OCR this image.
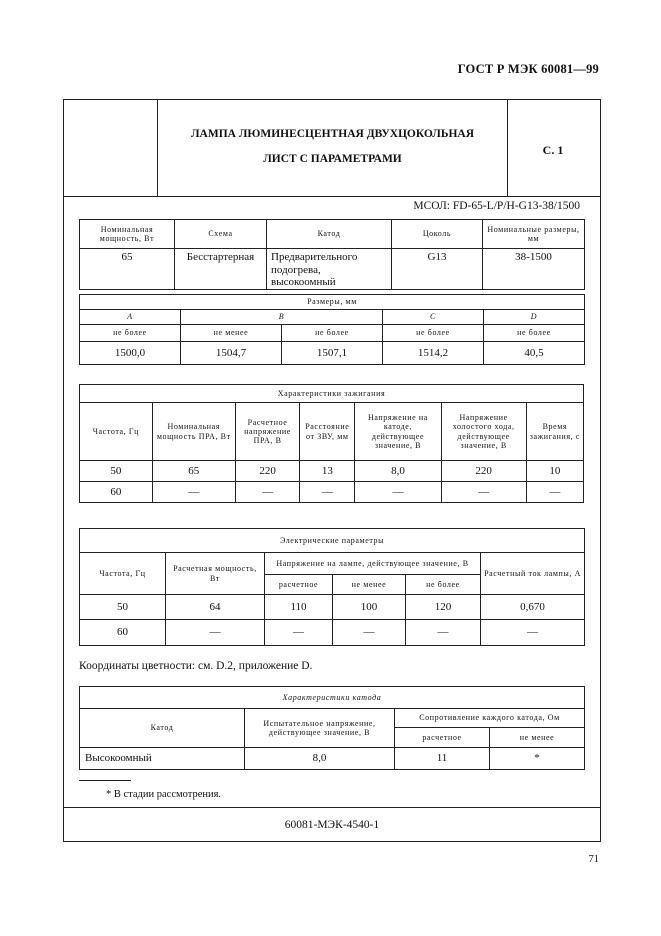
ГОСТ Р МЭК 60081—99
ЛАМПА ЛЮМИНЕСЦЕНТНАЯ ДВУХЦОКОЛЬНАЯ
ЛИСТ С ПАРАМЕТРАМИ
С. 1
МСОЛ: FD-65-L/P/H-G13-38/1500
Номинальная мощность, Вт	Схема	Катод	Цоколь	Номинальные размеры, мм
65	Бесстартерная	Предварительного подогрева, высокоомный	G13	38-1500
Размеры, мм				
A	B		C	D
не более	не менее	не более	не более	не более
1500,0	1504,7	1507,1	1514,2	40,5
Характеристики зажигания						
Частота, Гц	Номинальная мощность ПРА, Вт	Расчетное напряжение ПРА, В	Расстояние от ЗВУ, мм	Напряжение на катоде, действующее значение, В	Напряжение холостого хода, действующее значение, В	Время зажигания, с
50	65	220	13	8,0	220	10
60	—	—	—	—	—	—
Электрические параметры					
Частота, Гц	Расчетная мощность, Вт	Напряжение на лампе, действующее значение, В			Расчетный ток лампы, А
		расчетное	не менее	не более	
50	64	110	100	120	0,670
60	—	—	—	—	—
Координаты цветности: см. D.2, приложение D.
Характеристики катода			
Катод	Испытательное напряжение, действующее значение, В	Сопротивление каждого катода, Ом	
		расчетное	не менее
Высокоомный	8,0	11	*
* В стадии рассмотрения.
60081-МЭК-4540-1
71
